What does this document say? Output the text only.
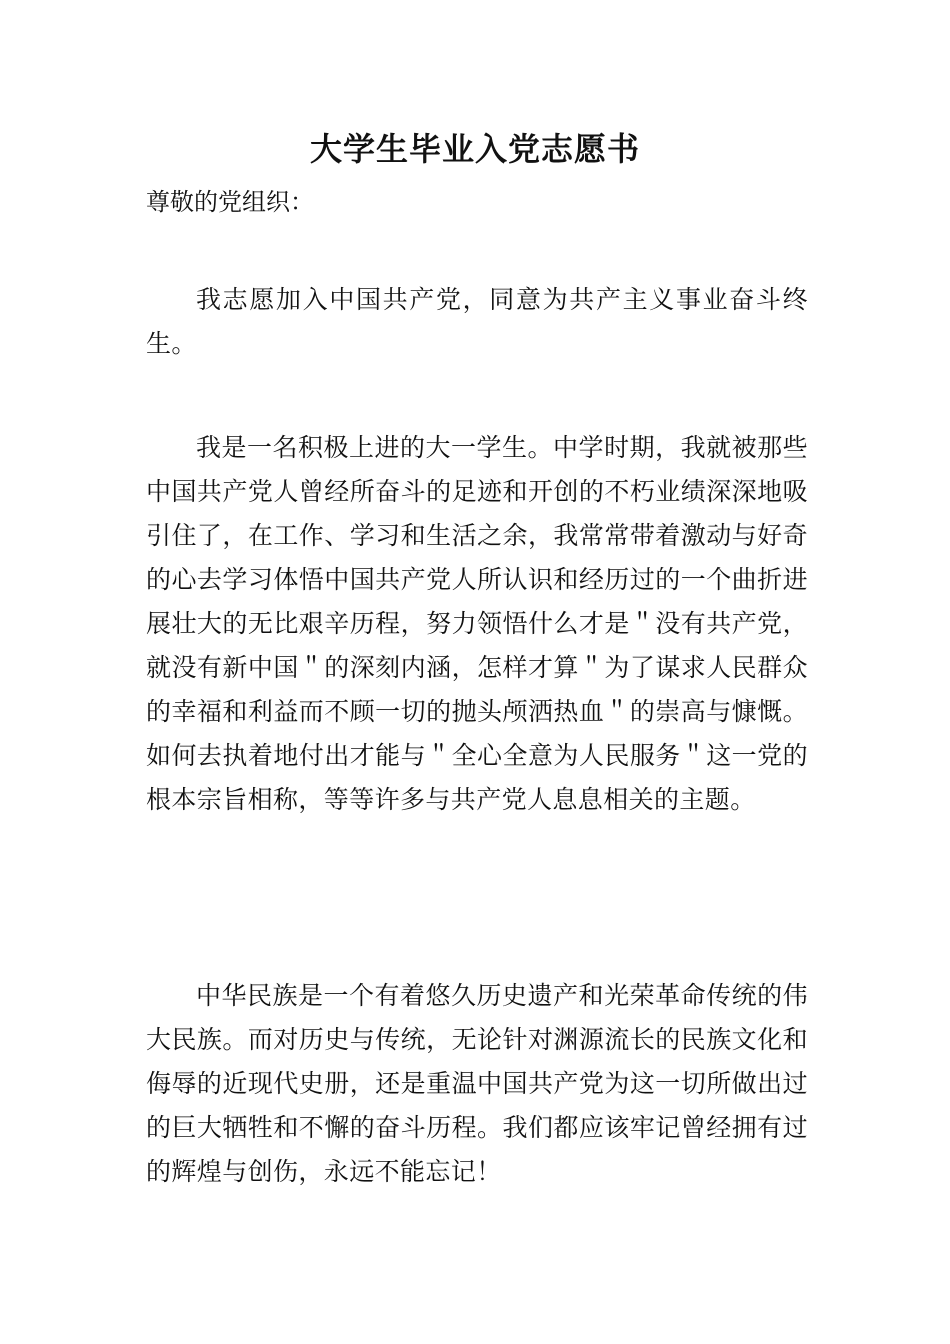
大学生毕业入党志愿书
尊敬的党组织：

我志愿加入中国共产党，同意为共产主义事业奋斗终生。

我是一名积极上进的大一学生。中学时期，我就被那些中国共产党人曾经所奋斗的足迹和开创的不朽业绩深深地吸引住了，在工作、学习和生活之余，我常常带着激动与好奇的心去学习体悟中国共产党人所认识和经历过的一个曲折进展壮大的无比艰辛历程，努力领悟什么才是＂没有共产党，就没有新中国＂的深刻内涵，怎样才算＂为了谋求人民群众的幸福和利益而不顾一切的抛头颅洒热血＂的崇高与慷慨。如何去执着地付出才能与＂全心全意为人民服务＂这一党的根本宗旨相称，等等许多与共产党人息息相关的主题。

中华民族是一个有着悠久历史遗产和光荣革命传统的伟大民族。而对历史与传统，无论针对渊源流长的民族文化和侮辱的近现代史册，还是重温中国共产党为这一切所做出过的巨大牺牲和不懈的奋斗历程。我们都应该牢记曾经拥有过的辉煌与创伤，永远不能忘记！
